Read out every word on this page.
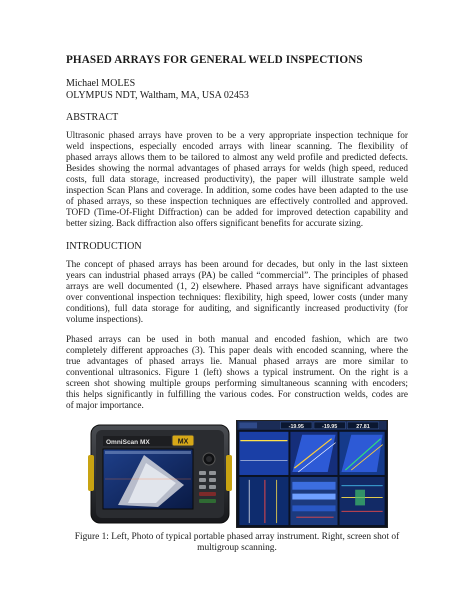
PHASED ARRAYS FOR GENERAL WELD INSPECTIONS
Michael MOLES
OLYMPUS NDT, Waltham, MA, USA 02453
ABSTRACT
Ultrasonic phased arrays have proven to be a very appropriate inspection technique for
weld inspections, especially encoded arrays with linear scanning. The flexibility of
phased arrays allows them to be tailored to almost any weld profile and predicted defects.
Besides showing the normal advantages of phased arrays for welds (high speed, reduced
costs, full data storage, increased productivity), the paper will illustrate sample weld
inspection Scan Plans and coverage. In addition, some codes have been adapted to the use
of phased arrays, so these inspection techniques are effectively controlled and approved.
TOFD (Time-Of-Flight Diffraction) can be added for improved detection capability and
better sizing. Back diffraction also offers significant benefits for accurate sizing.
INTRODUCTION
The concept of phased arrays has been around for decades, but only in the last sixteen
years can industrial phased arrays (PA) be called “commercial”. The principles of phased
arrays are well documented (1, 2) elsewhere. Phased arrays have significant advantages
over conventional inspection techniques: flexibility, high speed, lower costs (under many
conditions), full data storage for auditing, and significantly increased productivity (for
volume inspections).
Phased arrays can be used in both manual and encoded fashion, which are two
completely different approaches (3). This paper deals with encoded scanning, where the
true advantages of phased arrays lie. Manual phased arrays are more similar to
conventional ultrasonics. Figure 1 (left) shows a typical instrument. On the right is a
screen shot showing multiple groups performing simultaneous scanning with encoders;
this helps significantly in fulfilling the various codes. For construction welds, codes are
of major importance.
OmniScan MX	MX
-19.95	-19.95	27.81
Figure 1: Left, Photo of typical portable phased array instrument. Right, screen shot of
multigroup scanning.
